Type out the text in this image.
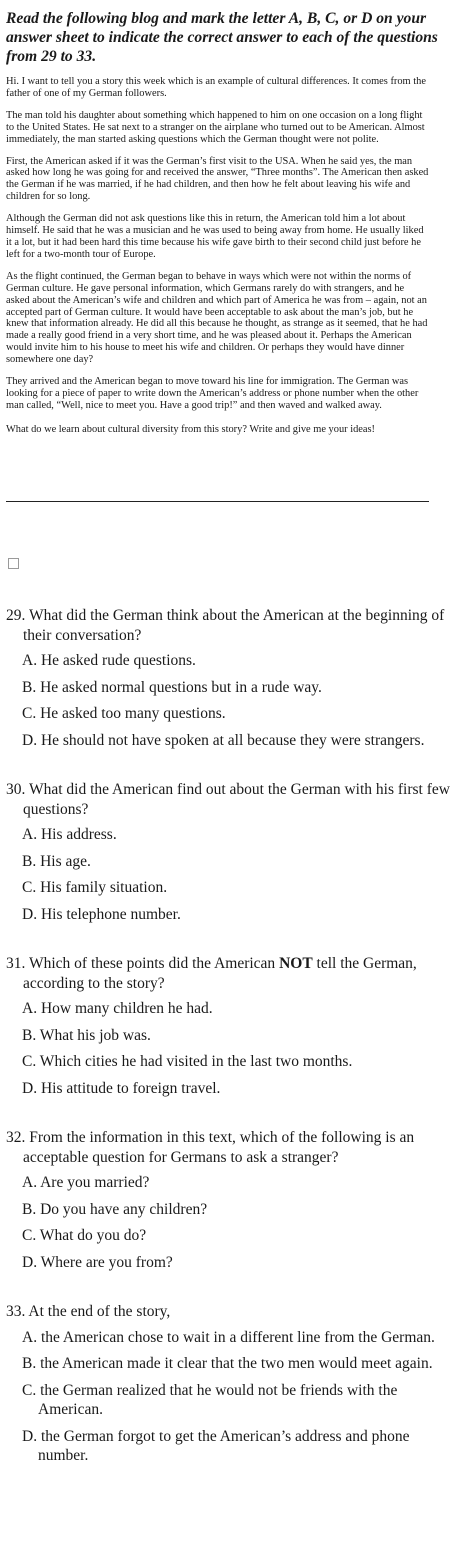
Read the following blog and mark the letter A, B, C, or D on your answer sheet to indicate the correct answer to each of the questions from 29 to 33.

Hi. I want to tell you a story this week which is an example of cultural differences. It comes from the father of one of my German followers.

The man told his daughter about something which happened to him on one occasion on a long flight to the United States. He sat next to a stranger on the airplane who turned out to be American. Almost immediately, the man started asking questions which the German thought were not polite.

First, the American asked if it was the German’s first visit to the USA. When he said yes, the man asked how long he was going for and received the answer, “Three months”. The American then asked the German if he was married, if he had children, and then how he felt about leaving his wife and children for so long.

Although the German did not ask questions like this in return, the American told him a lot about himself. He said that he was a musician and he was used to being away from home. He usually liked it a lot, but it had been hard this time because his wife gave birth to their second child just before he left for a two-month tour of Europe.

As the flight continued, the German began to behave in ways which were not within the norms of German culture. He gave personal information, which Germans rarely do with strangers, and he asked about the American’s wife and children and which part of America he was from – again, not an accepted part of German culture. It would have been acceptable to ask about the man’s job, but he knew that information already. He did all this because he thought, as strange as it seemed, that he had made a really good friend in a very short time, and he was pleased about it. Perhaps the American would invite him to his house to meet his wife and children. Or perhaps they would have dinner somewhere one day?

They arrived and the American began to move toward his line for immigration. The German was looking for a piece of paper to write down the American’s address or phone number when the other man called, “Well, nice to meet you. Have a good trip!” and then waved and walked away.

What do we learn about cultural diversity from this story? Write and give me your ideas!

29. What did the German think about the American at the beginning of their conversation?

A. He asked rude questions.

B. He asked normal questions but in a rude way.

C. He asked too many questions.

D. He should not have spoken at all because they were strangers.

30. What did the American find out about the German with his first few questions?

A. His address.

B. His age.

C. His family situation.

D. His telephone number.

31. Which of these points did the American NOT tell the German, according to the story?

A. How many children he had.

B. What his job was.

C. Which cities he had visited in the last two months.

D. His attitude to foreign travel.

32. From the information in this text, which of the following is an acceptable question for Germans to ask a stranger?

A. Are you married?

B. Do you have any children?

C. What do you do?

D. Where are you from?

33. At the end of the story,

A. the American chose to wait in a different line from the German.

B. the American made it clear that the two men would meet again.

C. the German realized that he would not be friends with the American.

D. the German forgot to get the American’s address and phone number.
